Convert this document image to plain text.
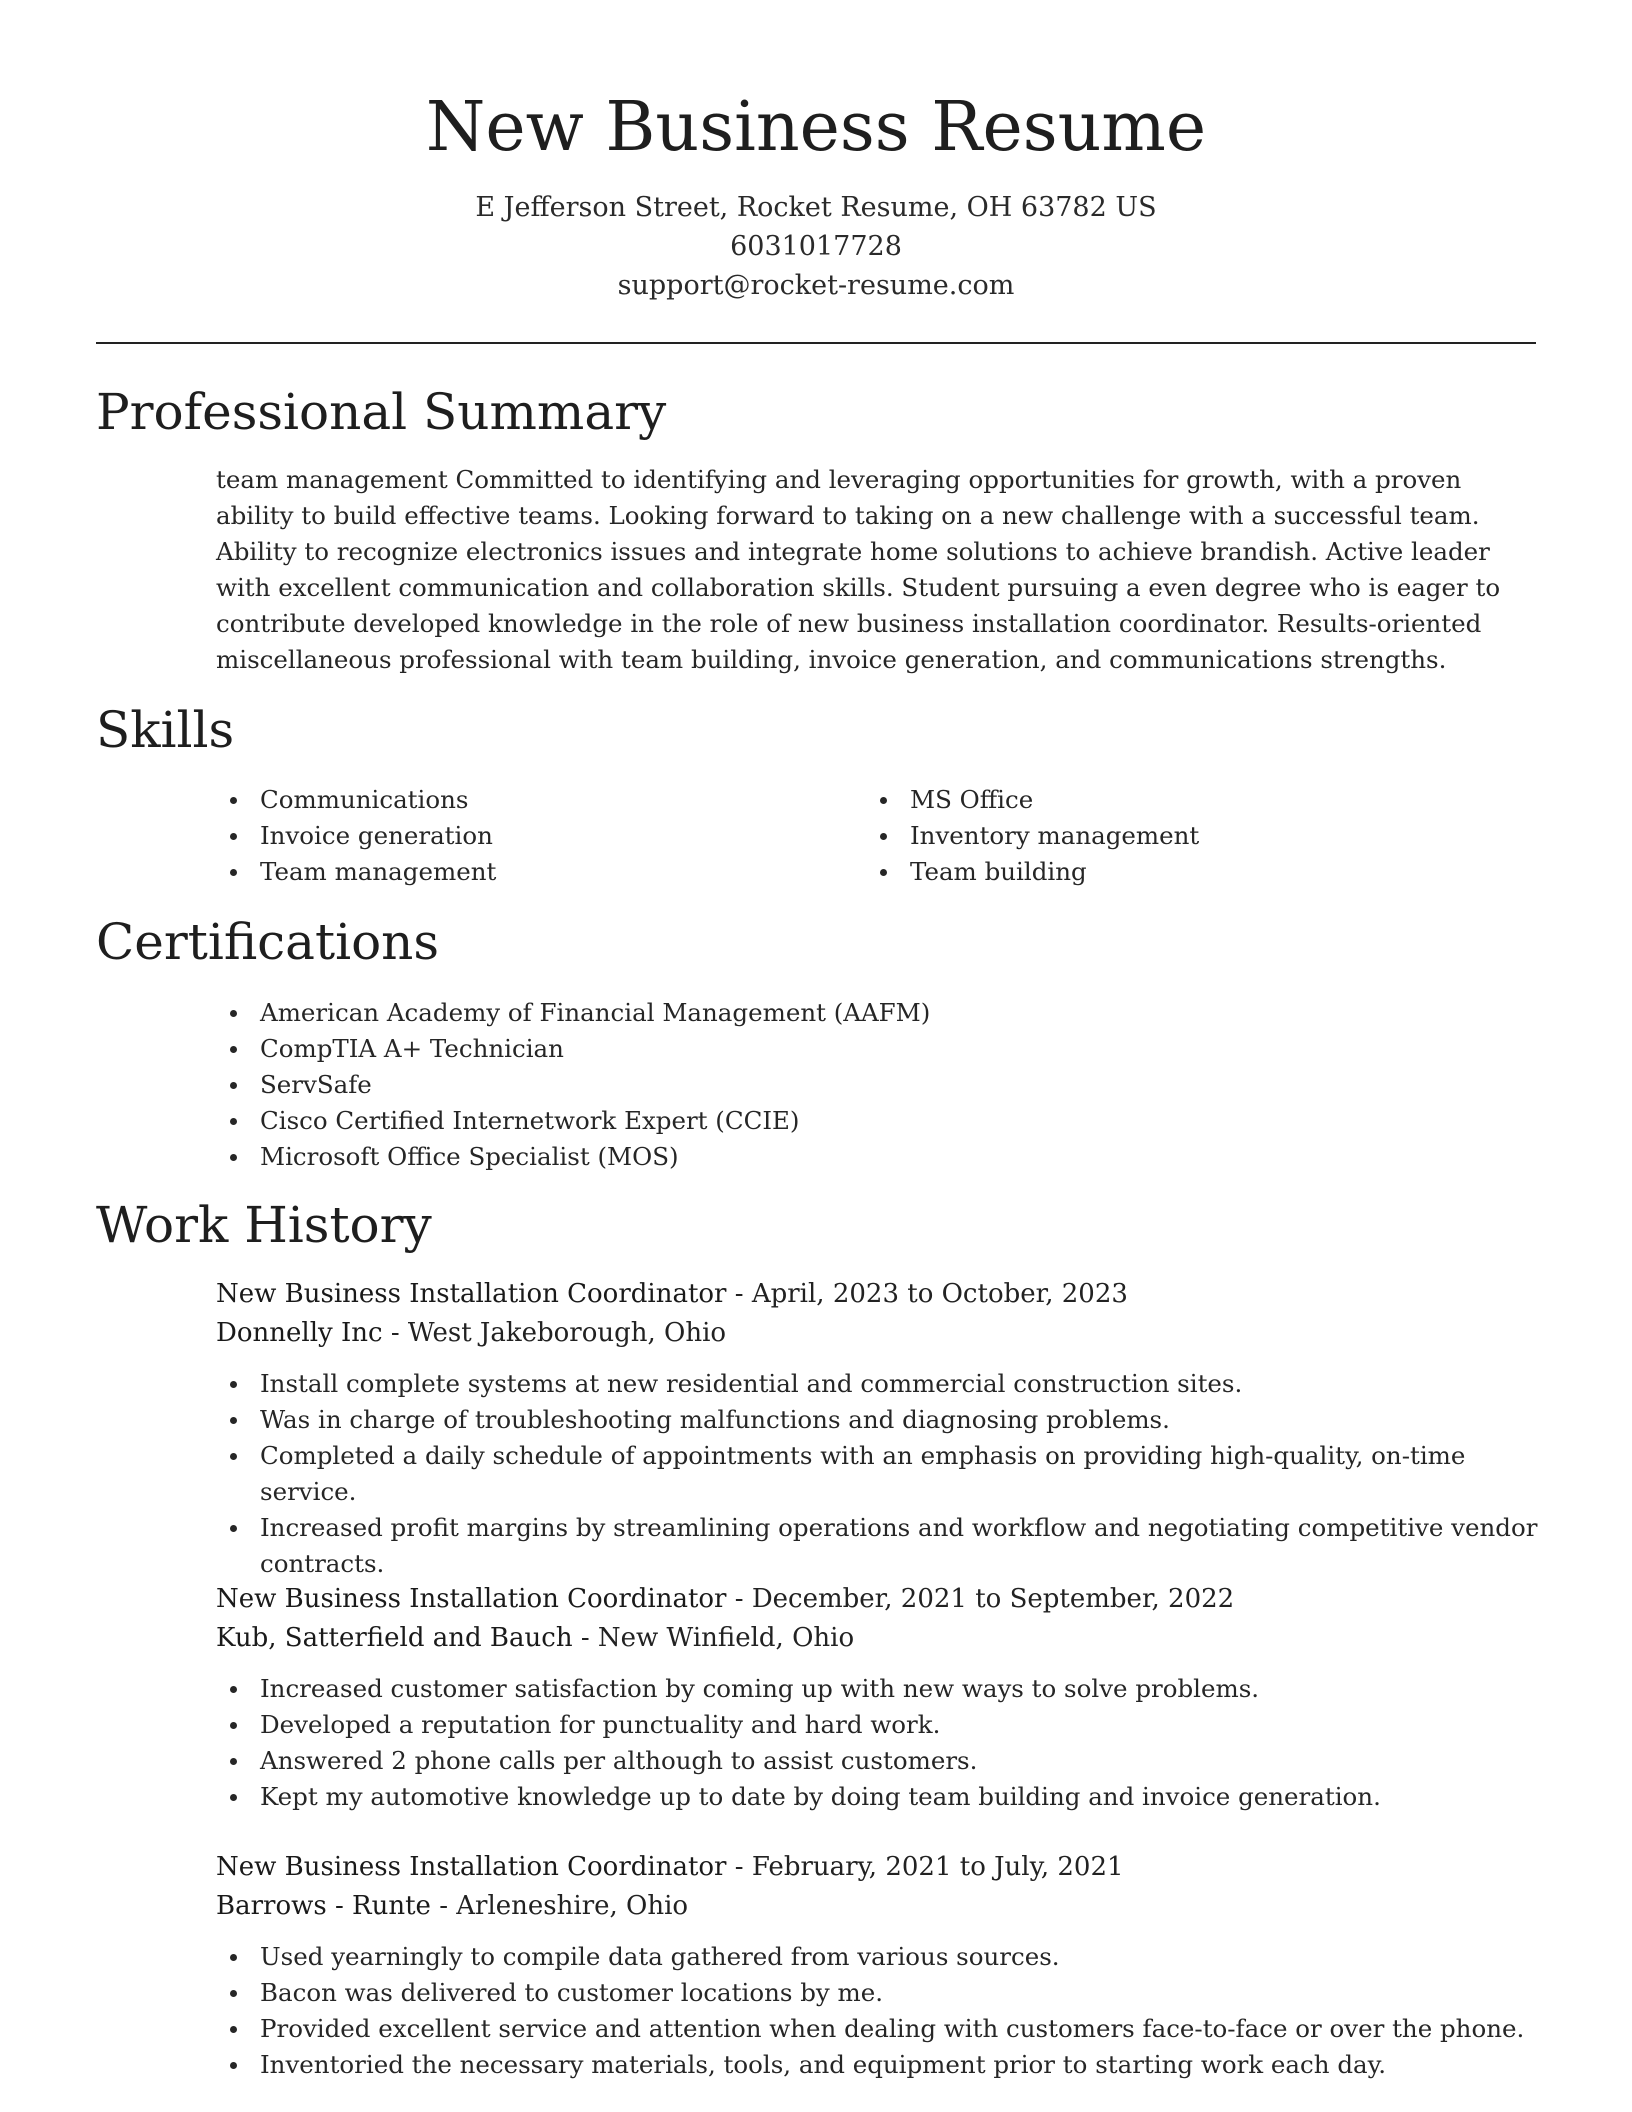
New Business Resume
E Jefferson Street, Rocket Resume, OH 63782 US
6031017728
support@rocket-resume.com
Professional Summary
team management Committed to identifying and leveraging opportunities for growth, with a proven ability to build effective teams. Looking forward to taking on a new challenge with a successful team. Ability to recognize electronics issues and integrate home solutions to achieve brandish. Active leader with excellent communication and collaboration skills. Student pursuing a even degree who is eager to contribute developed knowledge in the role of new business installation coordinator. Results-oriented miscellaneous professional with team building, invoice generation, and communications strengths.
Skills
Communications
Invoice generation
Team management
MS Office
Inventory management
Team building
Certifications
American Academy of Financial Management (AAFM)
CompTIA A+ Technician
ServSafe
Cisco Certified Internetwork Expert (CCIE)
Microsoft Office Specialist (MOS)
Work History
New Business Installation Coordinator - April, 2023 to October, 2023
Donnelly Inc - West Jakeborough, Ohio
Install complete systems at new residential and commercial construction sites.
Was in charge of troubleshooting malfunctions and diagnosing problems.
Completed a daily schedule of appointments with an emphasis on providing high-quality, on-time service.
Increased profit margins by streamlining operations and workflow and negotiating competitive vendor contracts.
New Business Installation Coordinator - December, 2021 to September, 2022
Kub, Satterfield and Bauch - New Winfield, Ohio
Increased customer satisfaction by coming up with new ways to solve problems.
Developed a reputation for punctuality and hard work.
Answered 2 phone calls per although to assist customers.
Kept my automotive knowledge up to date by doing team building and invoice generation.
New Business Installation Coordinator - February, 2021 to July, 2021
Barrows - Runte - Arleneshire, Ohio
Used yearningly to compile data gathered from various sources.
Bacon was delivered to customer locations by me.
Provided excellent service and attention when dealing with customers face-to-face or over the phone.
Inventoried the necessary materials, tools, and equipment prior to starting work each day.
